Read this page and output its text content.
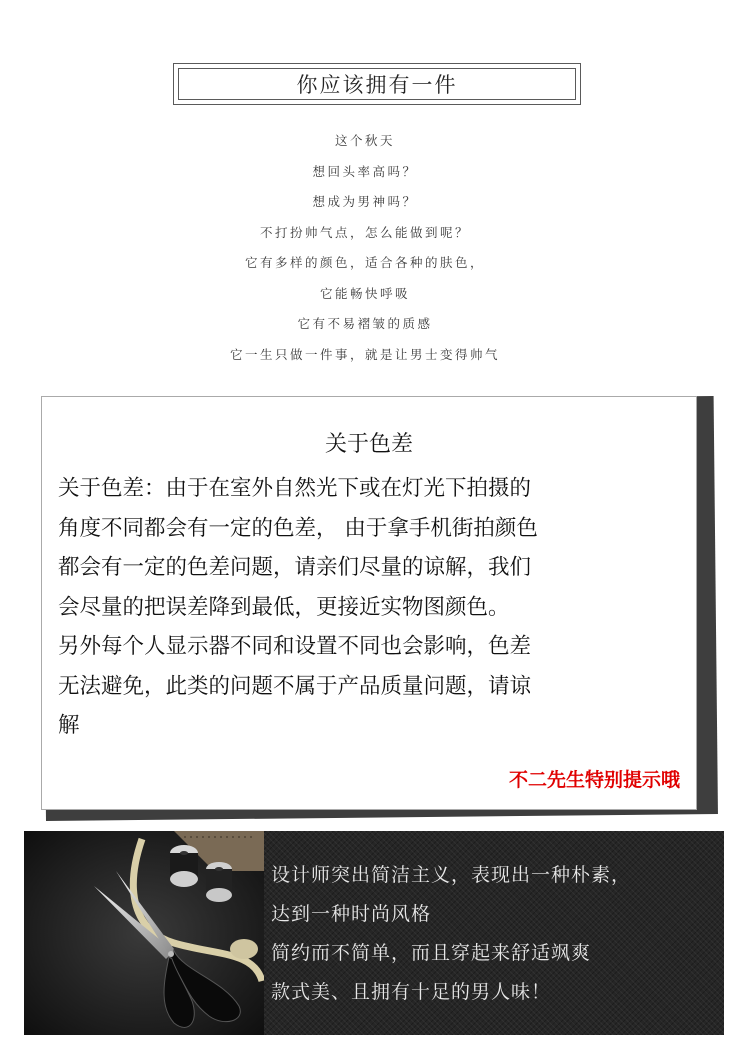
你应该拥有一件
这个秋天
想回头率高吗？
想成为男神吗？
不打扮帅气点，怎么能做到呢？
它有多样的颜色，适合各种的肤色，
它能畅快呼吸
它有不易褶皱的质感
它一生只做一件事，就是让男士变得帅气
关于色差
关于色差：由于在室外自然光下或在灯光下拍摄的
角度不同都会有一定的色差， 由于拿手机街拍颜色
都会有一定的色差问题，请亲们尽量的谅解，我们
会尽量的把误差降到最低，更接近实物图颜色。
另外每个人显示器不同和设置不同也会影响，色差
无法避免，此类的问题不属于产品质量问题，请谅
解
不二先生特别提示哦
设计师突出简洁主义，表现出一种朴素，
达到一种时尚风格
简约而不简单，而且穿起来舒适飒爽
款式美、且拥有十足的男人味！
